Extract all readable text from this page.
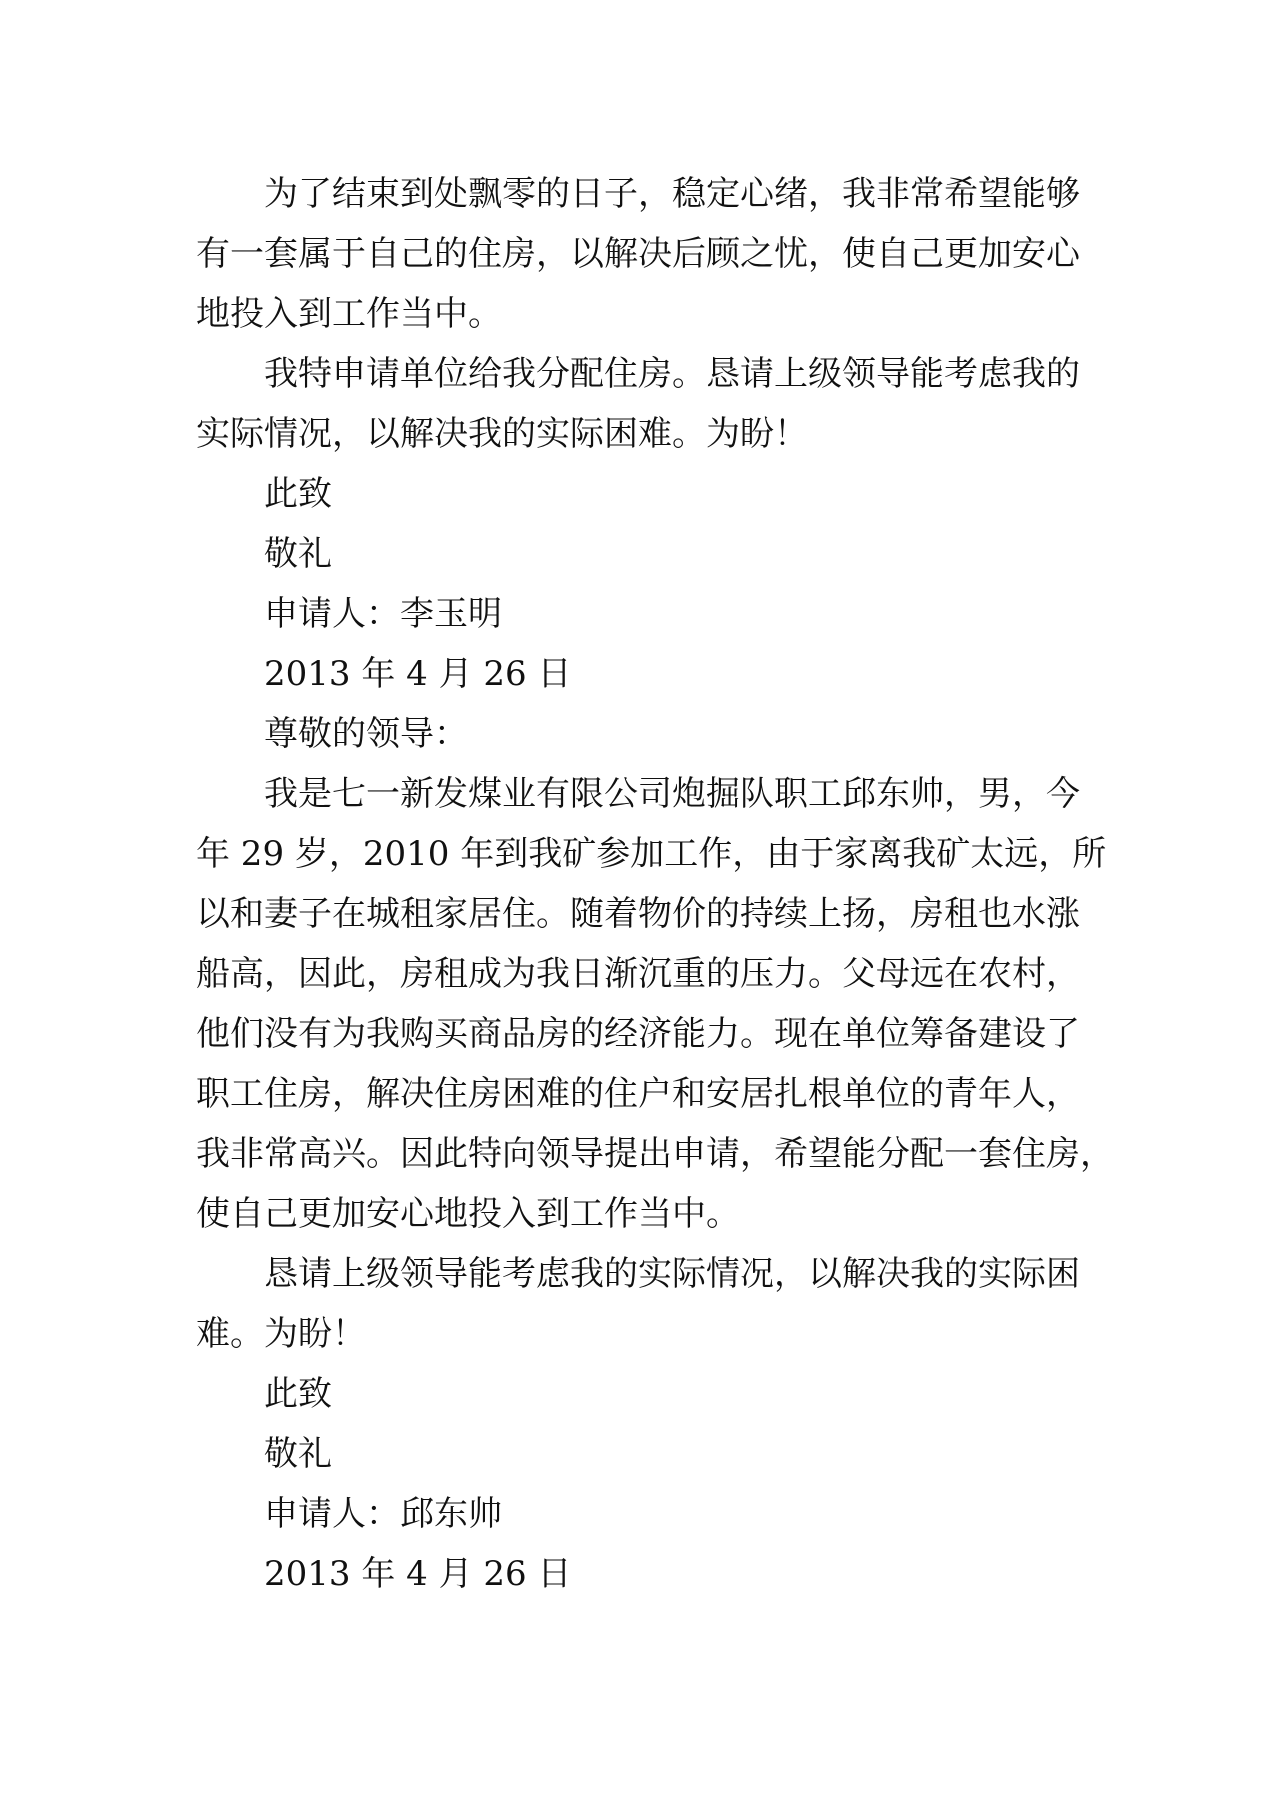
为了结束到处飘零的日子，稳定心绪，我非常希望能够

有一套属于自己的住房，以解决后顾之忧，使自己更加安心

地投入到工作当中。

我特申请单位给我分配住房。恳请上级领导能考虑我的

实际情况，以解决我的实际困难。为盼！

此致

敬礼

申请人：李玉明

2013 年 4 月 26 日

尊敬的领导：

我是七一新发煤业有限公司炮掘队职工邱东帅，男，今

年 29 岁，2010 年到我矿参加工作，由于家离我矿太远，所

以和妻子在城租家居住。随着物价的持续上扬，房租也水涨

船高，因此，房租成为我日渐沉重的压力。父母远在农村，

他们没有为我购买商品房的经济能力。现在单位筹备建设了

职工住房，解决住房困难的住户和安居扎根单位的青年人，

我非常高兴。因此特向领导提出申请，希望能分配一套住房，

使自己更加安心地投入到工作当中。

恳请上级领导能考虑我的实际情况，以解决我的实际困

难。为盼！

此致

敬礼

申请人：邱东帅

2013 年 4 月 26 日
